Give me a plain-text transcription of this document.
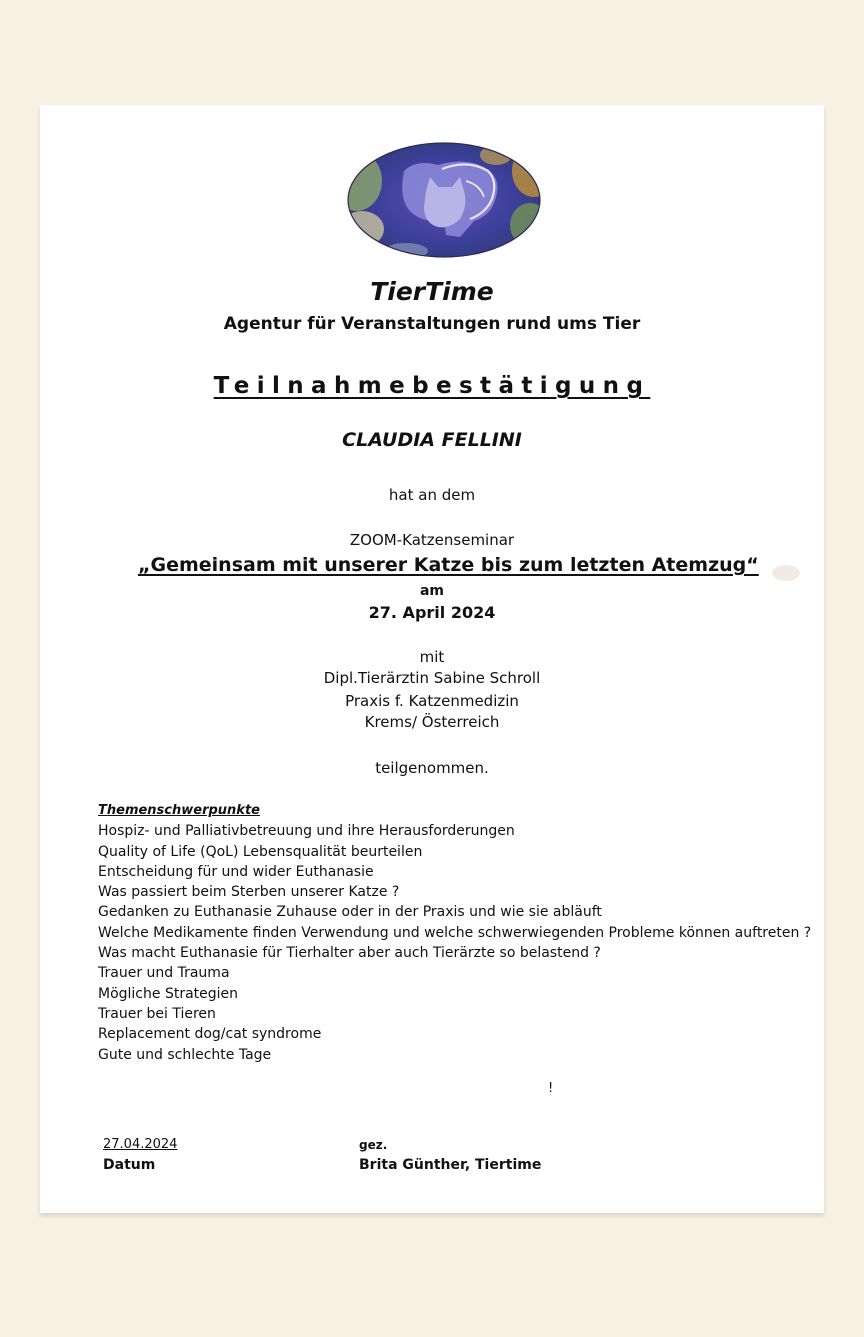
TierTime
Agentur für Veranstaltungen rund ums Tier
Teilnahmebestätigung
CLAUDIA FELLINI
hat an dem
ZOOM-Katzenseminar
„Gemeinsam mit unserer Katze bis zum letzten Atemzug“
am
27. April 2024
mit
Dipl.Tierärztin Sabine Schroll
Praxis f. Katzenmedizin
Krems/ Österreich
teilgenommen.
Themenschwerpunkte
Hospiz- und Palliativbetreuung und ihre Herausforderungen
Quality of Life (QoL) Lebensqualität beurteilen
Entscheidung für und wider Euthanasie
Was passiert beim Sterben unserer Katze ?
Gedanken zu Euthanasie Zuhause oder in der Praxis und wie sie abläuft
Welche Medikamente finden Verwendung und welche schwerwiegenden Probleme können auftreten ?
Was macht Euthanasie für Tierhalter aber auch Tierärzte so belastend ?
Trauer und Trauma
Mögliche Strategien
Trauer bei Tieren
Replacement dog/cat syndrome
Gute und schlechte Tage
!
27.04.2024
Datum
gez.
Brita Günther, Tiertime
